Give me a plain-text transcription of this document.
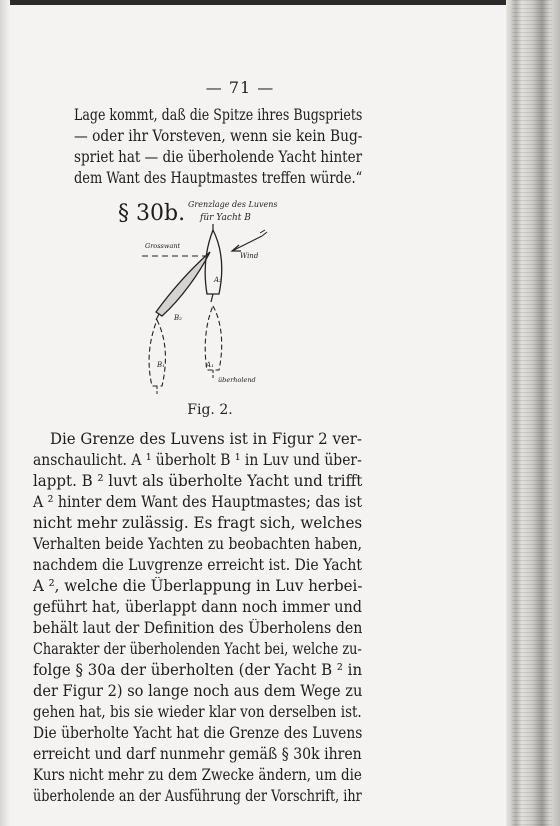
— 71 —
Lage kommt, daß die Spitze ihres Bugspriets
— oder ihr Vorsteven, wenn sie kein Bug-
spriet hat — die überholende Yacht hinter
dem Want des Hauptmastes treffen würde.“
§ 30b. Grenzlage des Luvens
für Yacht B
Grosswant
Wind
A₂
B₂
B₁	A₁
überholend
Fig. 2.
Die Grenze des Luvens ist in Figur 2 ver-
anschaulicht. A ¹ überholt B ¹ in Luv und über-
lappt. B ² luvt als überholte Yacht und trifft
A ² hinter dem Want des Hauptmastes; das ist
nicht mehr zulässig. Es fragt sich, welches
Verhalten beide Yachten zu beobachten haben,
nachdem die Luvgrenze erreicht ist. Die Yacht
A ², welche die Überlappung in Luv herbei-
geführt hat, überlappt dann noch immer und
behält laut der Definition des Überholens den
Charakter der überholenden Yacht bei, welche zu-
folge § 30a der überholten (der Yacht B ² in
der Figur 2) so lange noch aus dem Wege zu
gehen hat, bis sie wieder klar von derselben ist.
Die überholte Yacht hat die Grenze des Luvens
erreicht und darf nunmehr gemäß § 30k ihren
Kurs nicht mehr zu dem Zwecke ändern, um die
überholende an der Ausführung der Vorschrift, ihr
